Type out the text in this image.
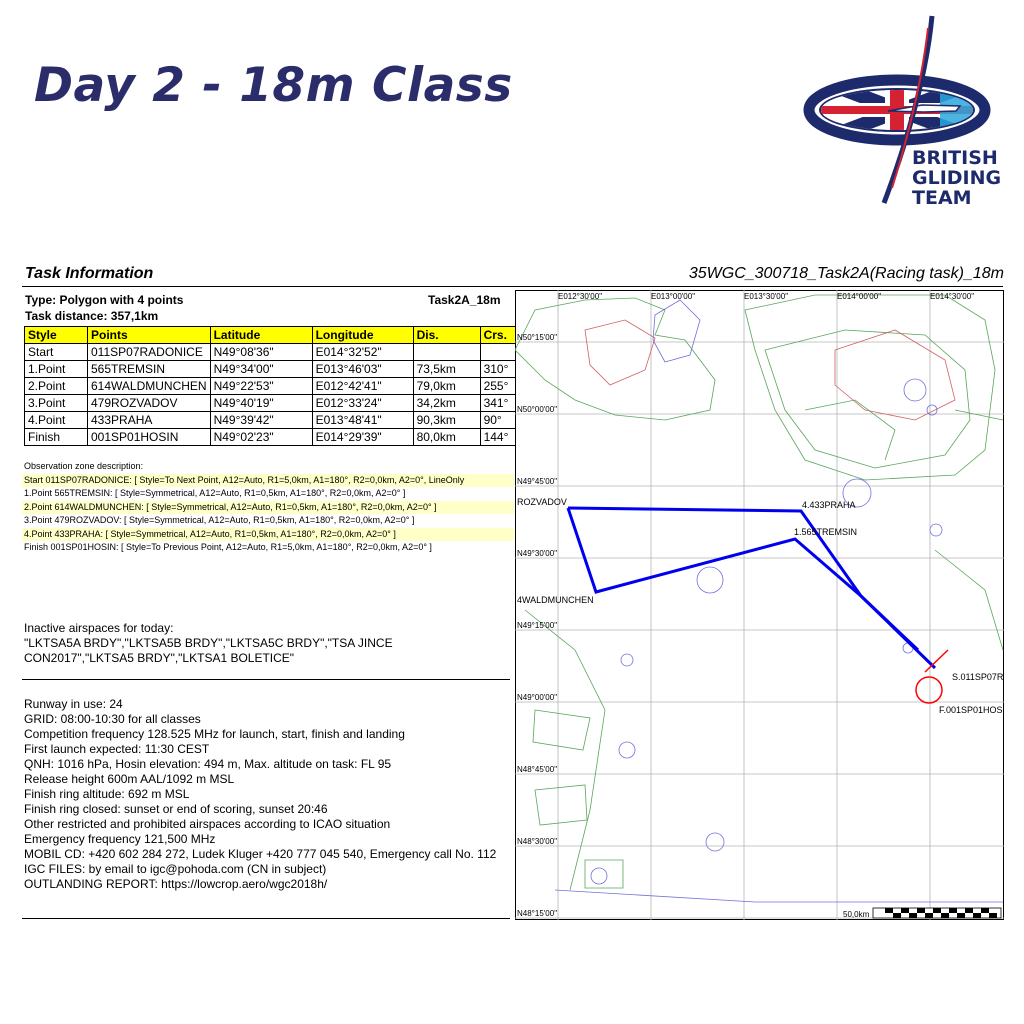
Day 2 - 18m Class
BRITISH
GLIDING
TEAM
Task Information	35WGC_300718_Task2A(Racing task)_18m
Type: Polygon with 4 points	Task2A_18m
Task distance: 357,1km
Style	Points	Latitude	Longitude	Dis.	Crs.
Start	011SP07RADONICE	N49°08'36"	E014°32'52"		
1.Point	565TREMSIN	N49°34'00"	E013°46'03"	73,5km	310°
2.Point	614WALDMUNCHEN	N49°22'53"	E012°42'41"	79,0km	255°
3.Point	479ROZVADOV	N49°40'19"	E012°33'24"	34,2km	341°
4.Point	433PRAHA	N49°39'42"	E013°48'41"	90,3km	90°
Finish	001SP01HOSIN	N49°02'23"	E014°29'39"	80,0km	144°
Observation zone description:
Start 011SP07RADONICE: [ Style=To Next Point, A12=Auto, R1=5,0km, A1=180°, R2=0,0km, A2=0°, LineOnly
1.Point 565TREMSIN: [ Style=Symmetrical, A12=Auto, R1=0,5km, A1=180°, R2=0,0km, A2=0° ]
2.Point 614WALDMUNCHEN: [ Style=Symmetrical, A12=Auto, R1=0,5km, A1=180°, R2=0,0km, A2=0° ]
3.Point 479ROZVADOV: [ Style=Symmetrical, A12=Auto, R1=0,5km, A1=180°, R2=0,0km, A2=0° ]
4.Point 433PRAHA: [ Style=Symmetrical, A12=Auto, R1=0,5km, A1=180°, R2=0,0km, A2=0° ]
Finish 001SP01HOSIN: [ Style=To Previous Point, A12=Auto, R1=5,0km, A1=180°, R2=0,0km, A2=0° ]
Inactive airspaces for today:
"LKTSA5A BRDY","LKTSA5B BRDY","LKTSA5C BRDY","TSA JINCE CON2017","LKTSA5 BRDY","LKTSA1 BOLETICE"
Runway in use: 24
GRID: 08:00-10:30 for all classes
Competition frequency 128.525 MHz for launch, start, finish and landing
First launch expected: 11:30 CEST
QNH: 1016 hPa, Hosin elevation: 494 m, Max. altitude on task: FL 95
Release height 600m AAL/1092 m MSL
Finish ring altitude: 692 m MSL
Finish ring closed: sunset or end of scoring, sunset 20:46
Other restricted and prohibited airspaces according to ICAO situation
Emergency frequency 121,500 MHz
MOBIL CD: +420 602 284 272, Ludek Kluger +420 777 045 540, Emergency call No. 112
IGC FILES: by email to igc@pohoda.com (CN in subject)
OUTLANDING REPORT: https://lowcrop.aero/wgc2018h/
E012°30'00"	E013°00'00"	E013°30'00"	E014°00'00"	E014°30'00"
N50°15'00"
N50°00'00"
N49°45'00"
N49°30'00"
N49°15'00"
N49°00'00"
N48°45'00"
N48°30'00"
N48°15'00"
ROZVADOV	4.433PRAHA
1.565TREMSIN
4WALDMUNCHEN
S.011SP07R
F.001SP01HOS
50,0km
